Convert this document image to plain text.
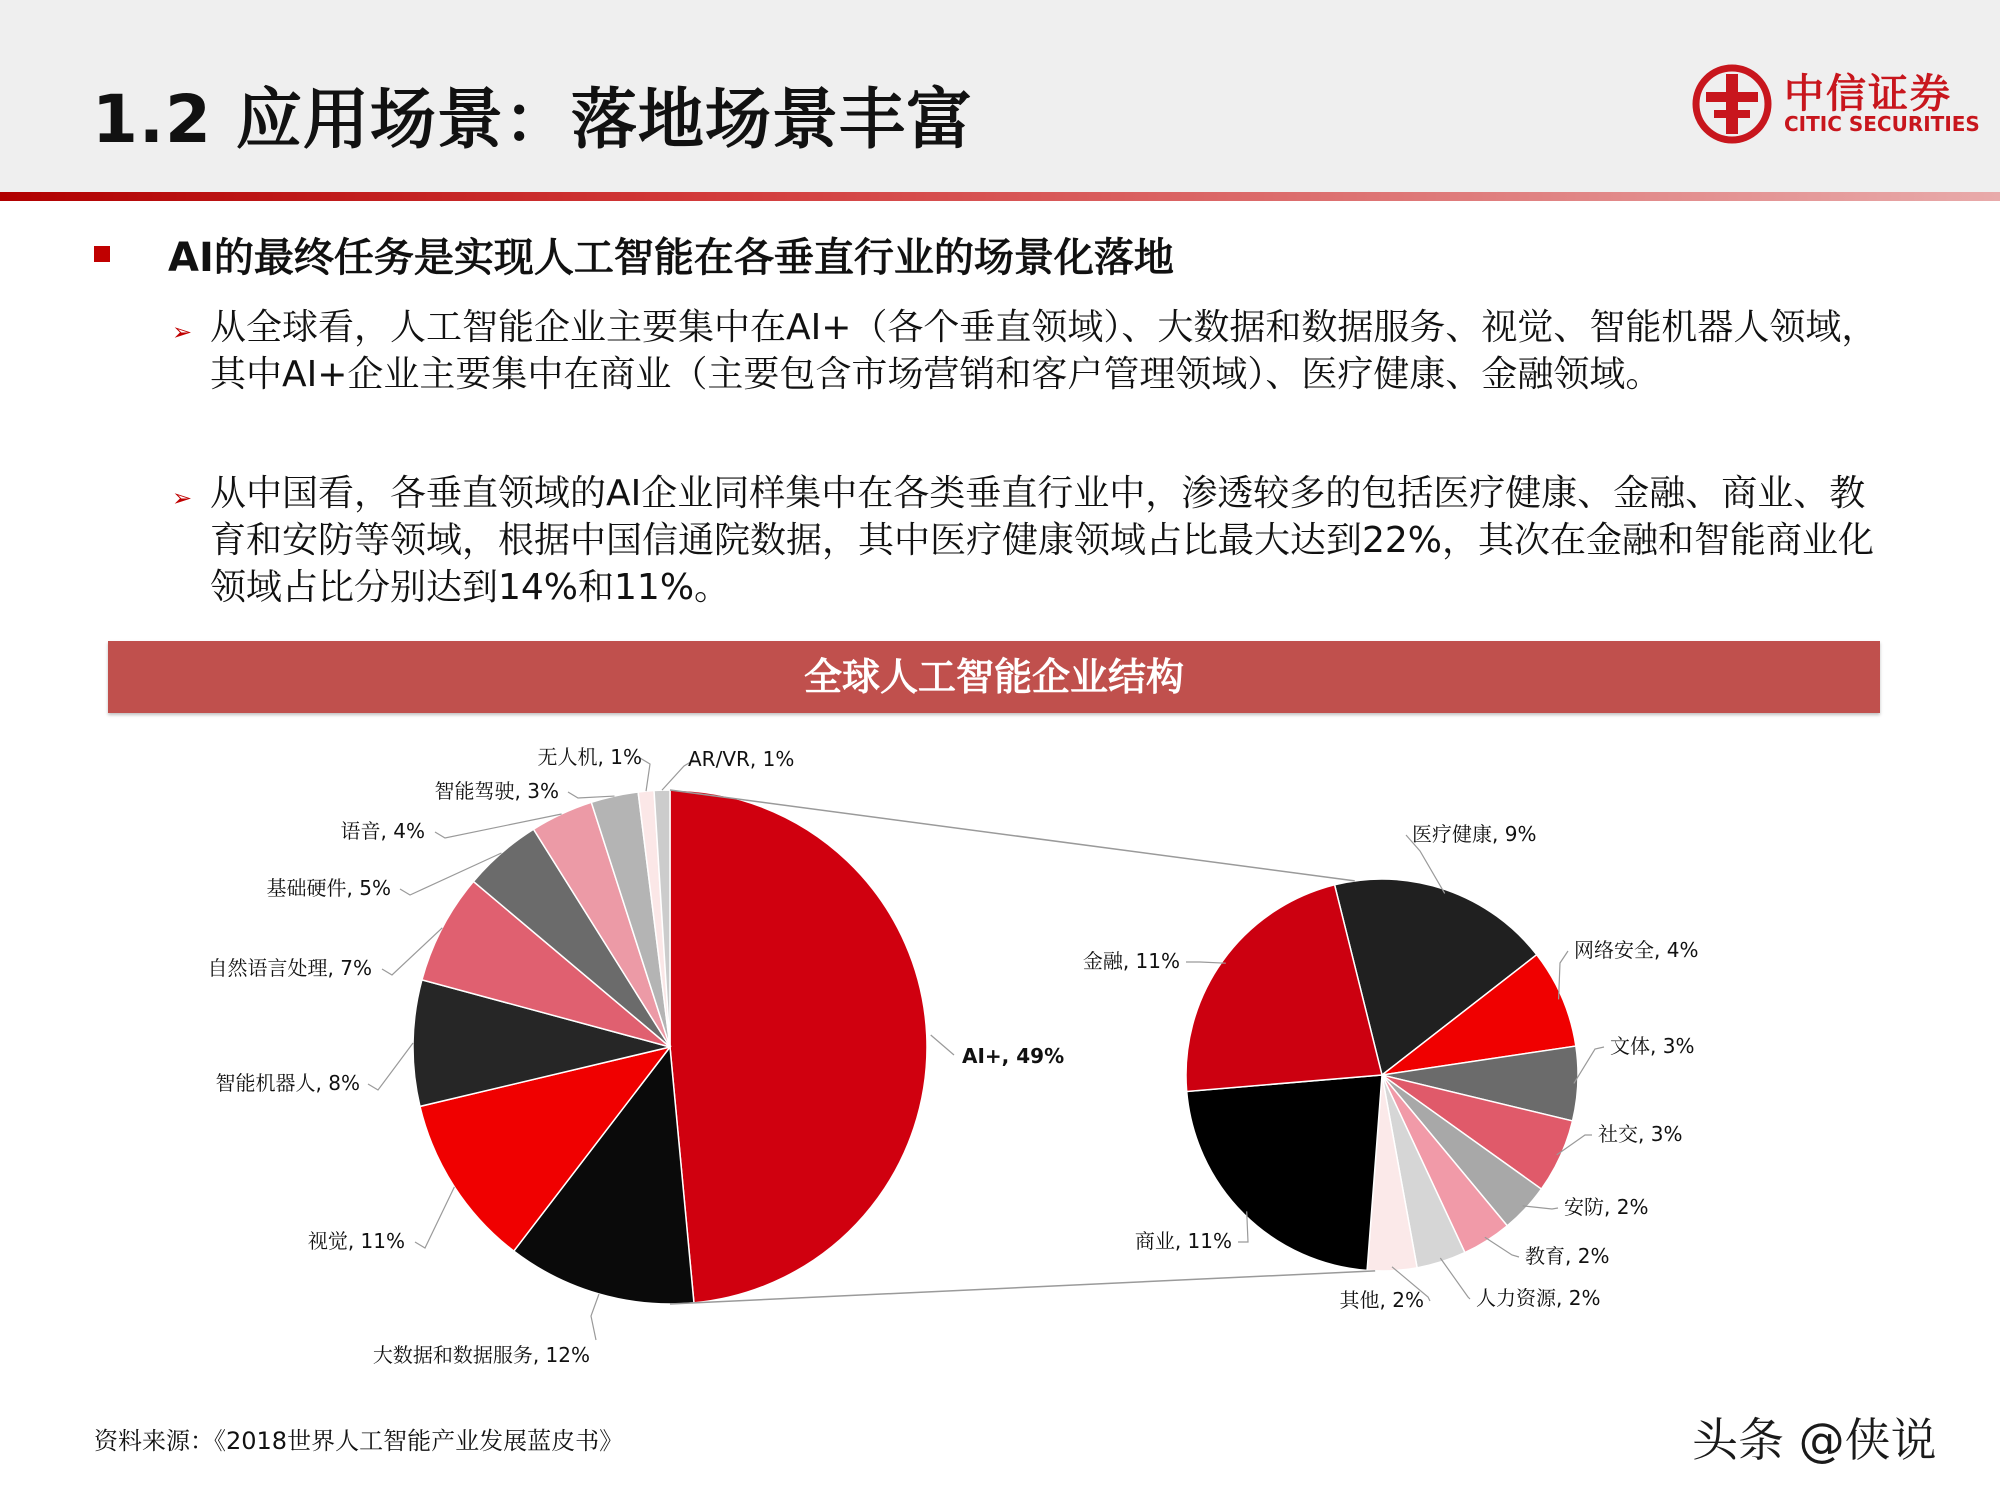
1.2 应用场景：落地场景丰富	中信证券
CITIC SECURITIES
AI的最终任务是实现人工智能在各垂直行业的场景化落地
➢ 从全球看，人工智能企业主要集中在AI+（各个垂直领域）、大数据和数据服务、视觉、智能机器人领域，其中AI+企业主要集中在商业（主要包含市场营销和客户管理领域）、医疗健康、金融领域。
➢ 从中国看，各垂直领域的AI企业同样集中在各类垂直行业中，渗透较多的包括医疗健康、金融、商业、教育和安防等领域，根据中国信通院数据，其中医疗健康领域占比最大达到22%，其次在金融和智能商业化领域占比分别达到14%和11%。
全球人工智能企业结构
AI+, 49%
大数据和数据服务, 12%
视觉, 11%
智能机器人, 8%
自然语言处理, 7%
基础硬件, 5%
语音, 4%
智能驾驶, 3%
无人机, 1% AR/VR, 1%
医疗健康, 9%
网络安全, 4%
文体, 3%
社交, 3%
安防, 2%
教育, 2%
人力资源, 2%
其他, 2%
商业, 11%
金融, 11%
资料来源：《2018世界人工智能产业发展蓝皮书》	头条 @侠说
